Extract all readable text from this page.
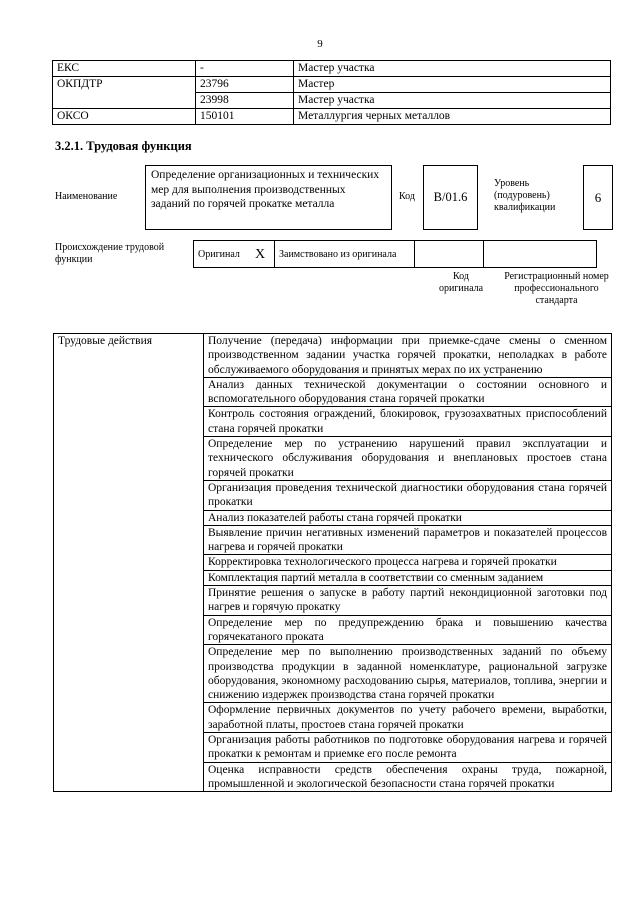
9
ЕКС	-	Мастер участка
ОКПДТР	23796	Мастер
	23998	Мастер участка
ОКСО	150101	Металлургия черных металлов
3.2.1. Трудовая функция
Наименование
Определение организационных и технических мер для выполнения производственных заданий по горячей прокатке металла
Код	B/01.6
Уровень (подуровень) квалификации
6
Происхождение трудовой функции	Оригинал	X	Заимствовано из оригинала		
Код оригинала
Регистрационный номер профессионального стандарта
Трудовые действия	Получение (передача) информации при приемке-сдаче смены о сменном производственном задании участка горячей прокатки, неполадках в работе обслуживаемого оборудования и принятых мерах по их устранению
Анализ данных технической документации о состоянии основного и вспомогательного оборудования стана горячей прокатки
Контроль состояния ограждений, блокировок, грузозахватных приспособлений стана горячей прокатки
Определение мер по устранению нарушений правил эксплуатации и технического обслуживания оборудования и внеплановых простоев стана горячей прокатки
Организация проведения технической диагностики оборудования стана горячей прокатки
Анализ показателей работы стана горячей прокатки
Выявление причин негативных изменений параметров и показателей процессов нагрева и горячей прокатки
Корректировка технологического процесса нагрева и горячей прокатки
Комплектация партий металла в соответствии со сменным заданием
Принятие решения о запуске в работу партий некондиционной заготовки под нагрев и горячую прокатку
Определение мер по предупреждению брака и повышению качества горячекатаного проката
Определение мер по выполнению производственных заданий по объему производства продукции в заданной номенклатуре, рациональной загрузке оборудования, экономному расходованию сырья, материалов, топлива, энергии и снижению издержек производства стана горячей прокатки
Оформление первичных документов по учету рабочего времени, выработки, заработной платы, простоев стана горячей прокатки
Организация работы работников по подготовке оборудования нагрева и горячей прокатки к ремонтам и приемке его после ремонта
Оценка исправности средств обеспечения охраны труда, пожарной, промышленной и экологической безопасности стана горячей прокатки
